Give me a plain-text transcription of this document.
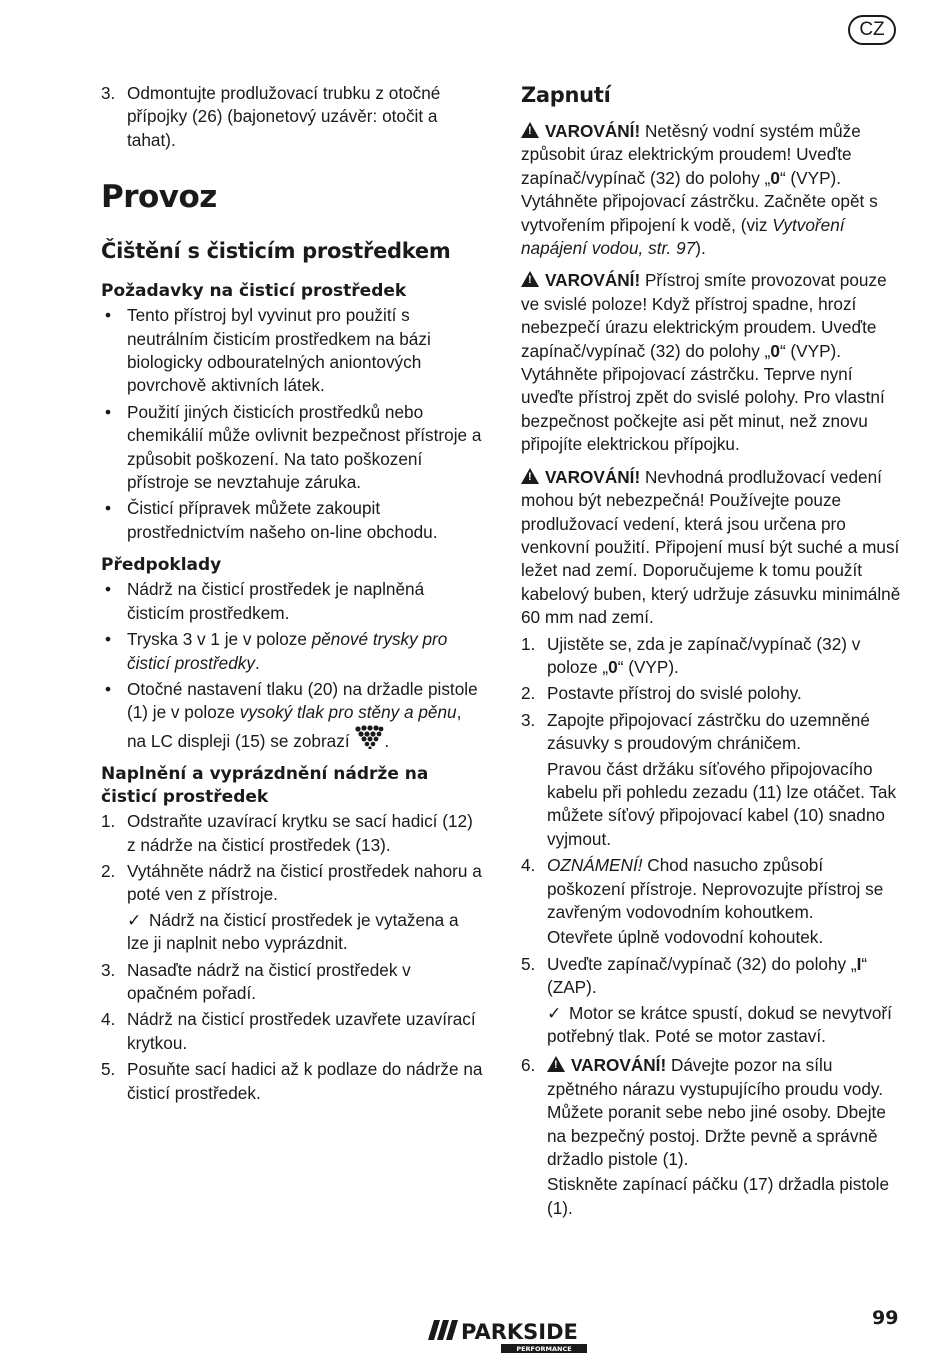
CZ
3. Odmontujte prodlužovací trubku z otočné přípojky (26) (bajonetový uzávěr: otočit a tahat).
Provoz
Čištění s čisticím prostředkem
Požadavky na čisticí prostředek
• Tento přístroj byl vyvinut pro použití s neutrálním čisticím prostředkem na bázi biologicky odbouratelných aniontových povrchově aktivních látek.
• Použití jiných čisticích prostředků nebo chemikálií může ovlivnit bezpečnost přístroje a způsobit poškození. Na tato poškození přístroje se nevztahuje záruka.
• Čisticí přípravek můžete zakoupit prostřednictvím našeho on-line obchodu.
Předpoklady
• Nádrž na čisticí prostředek je naplněná čisticím prostředkem.
• Tryska 3 v 1 je v poloze pěnové trysky pro čisticí prostředky.
• Otočné nastavení tlaku (20) na držadle pistole (1) je v poloze vysoký tlak pro stěny a pěnu, na LC displeji (15) se zobrazí .
Naplnění a vyprázdnění nádrže na čisticí prostředek
1. Odstraňte uzavírací krytku se sací hadicí (12) z nádrže na čisticí prostředek (13).
2. Vytáhněte nádrž na čisticí prostředek nahoru a poté ven z přístroje.

✓ Nádrž na čisticí prostředek je vytažena a lze ji naplnit nebo vyprázdnit.

3. Nasaďte nádrž na čisticí prostředek v opačném pořadí.
4. Nádrž na čisticí prostředek uzavřete uzavírací krytkou.
5. Posuňte sací hadici až k podlaze do nádrže na čisticí prostředek.
Zapnutí

!VAROVÁNÍ! Netěsný vodní systém může způsobit úraz elektrickým proudem! Uveďte zapínač/vypínač (32) do polohy „0“ (VYP). Vytáhněte připojovací zástrčku. Začněte opět s vytvořením připojení k vodě, (viz Vytvoření napájení vodou, str. 97).

!VAROVÁNÍ! Přístroj smíte provozovat pouze ve svislé poloze! Když přístroj spadne, hrozí nebezpečí úrazu elektrickým proudem. Uveďte zapínač/vypínač (32) do polohy „0“ (VYP). Vytáhněte připojovací zástrčku. Teprve nyní uveďte přístroj zpět do svislé polohy. Pro vlastní bezpečnost počkejte asi pět minut, než znovu připojíte elektrickou přípojku.

!VAROVÁNÍ! Nevhodná prodlužovací vedení mohou být nebezpečná! Používejte pouze prodlužovací vedení, která jsou určena pro venkovní použití. Připojení musí být suché a musí ležet nad zemí. Doporučujeme k tomu použít kabelový buben, který udržuje zásuvku minimálně 60 mm nad zemí.

1. Ujistěte se, zda je zapínač/vypínač (32) v poloze „0“ (VYP).
2. Postavte přístroj do svislé polohy.
3. Zapojte připojovací zástrčku do uzemněné zásuvky s proudovým chráničem.

Pravou část držáku síťového připojovacího kabelu při pohledu zezadu (11) lze otáčet. Tak můžete síťový připojovací kabel (10) snadno vyjmout.

4. OZNÁMENÍ! Chod nasucho způsobí poškození přístroje. Neprovozujte přístroj se zavřeným vodovodním kohoutkem.

Otevřete úplně vodovodní kohoutek.

5. Uveďte zapínač/vypínač (32) do polohy „I“ (ZAP).

✓ Motor se krátce spustí, dokud se nevytvoří potřebný tlak. Poté se motor zastaví.

6.
!	VAROVÁNÍ! Dávejte pozor na sílu zpětného nárazu vystupujícího proudu vody. Můžete poranit sebe nebo jiné osoby. Dbejte na bezpečný postoj. Držte pevně a správně držadlo pistole (1).

Stiskněte zapínací páčku (17) držadla pistole (1).

PARKSIDE
PERFORMANCE
99
